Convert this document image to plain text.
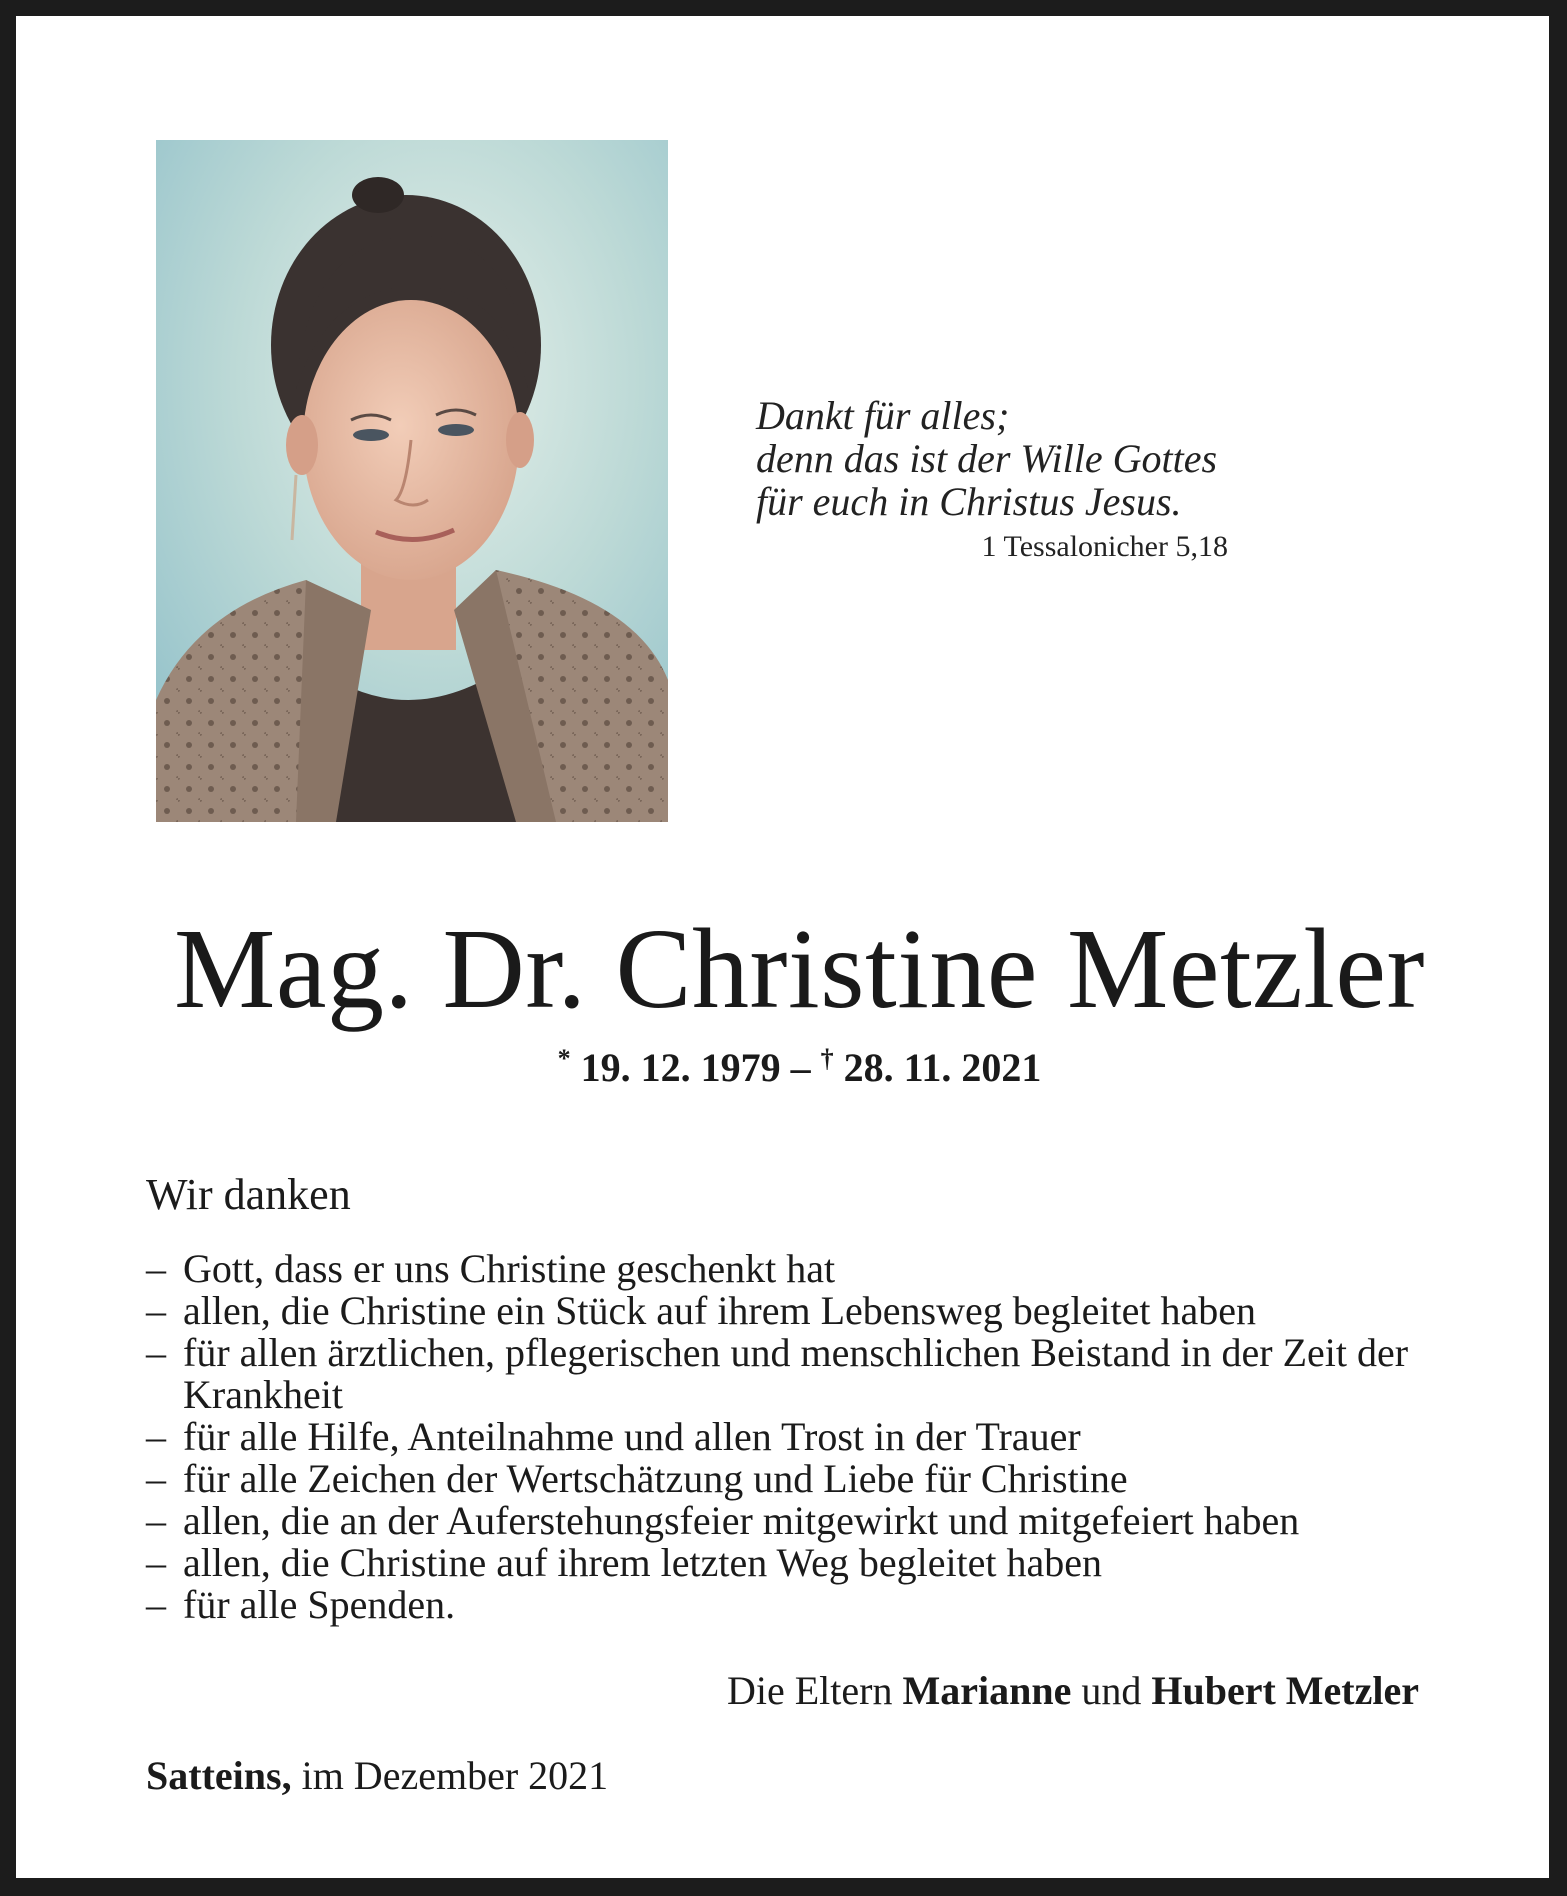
Dankt für alles;
denn das ist der Wille Gottes
für euch in Christus Jesus.
1 Tessalonicher 5,18
Mag. Dr. Christine Metzler
* 19. 12. 1979 – † 28. 11. 2021
Wir danken
– Gott, dass er uns Christine geschenkt hat
– allen, die Christine ein Stück auf ihrem Lebensweg begleitet haben
– für allen ärztlichen, pflegerischen und menschlichen Beistand in der Zeit der Krankheit
– für alle Hilfe, Anteilnahme und allen Trost in der Trauer
– für alle Zeichen der Wertschätzung und Liebe für Christine
– allen, die an der Auferstehungsfeier mitgewirkt und mitgefeiert haben
– allen, die Christine auf ihrem letzten Weg begleitet haben
– für alle Spenden.
Die Eltern Marianne und Hubert Metzler
Satteins, im Dezember 2021
